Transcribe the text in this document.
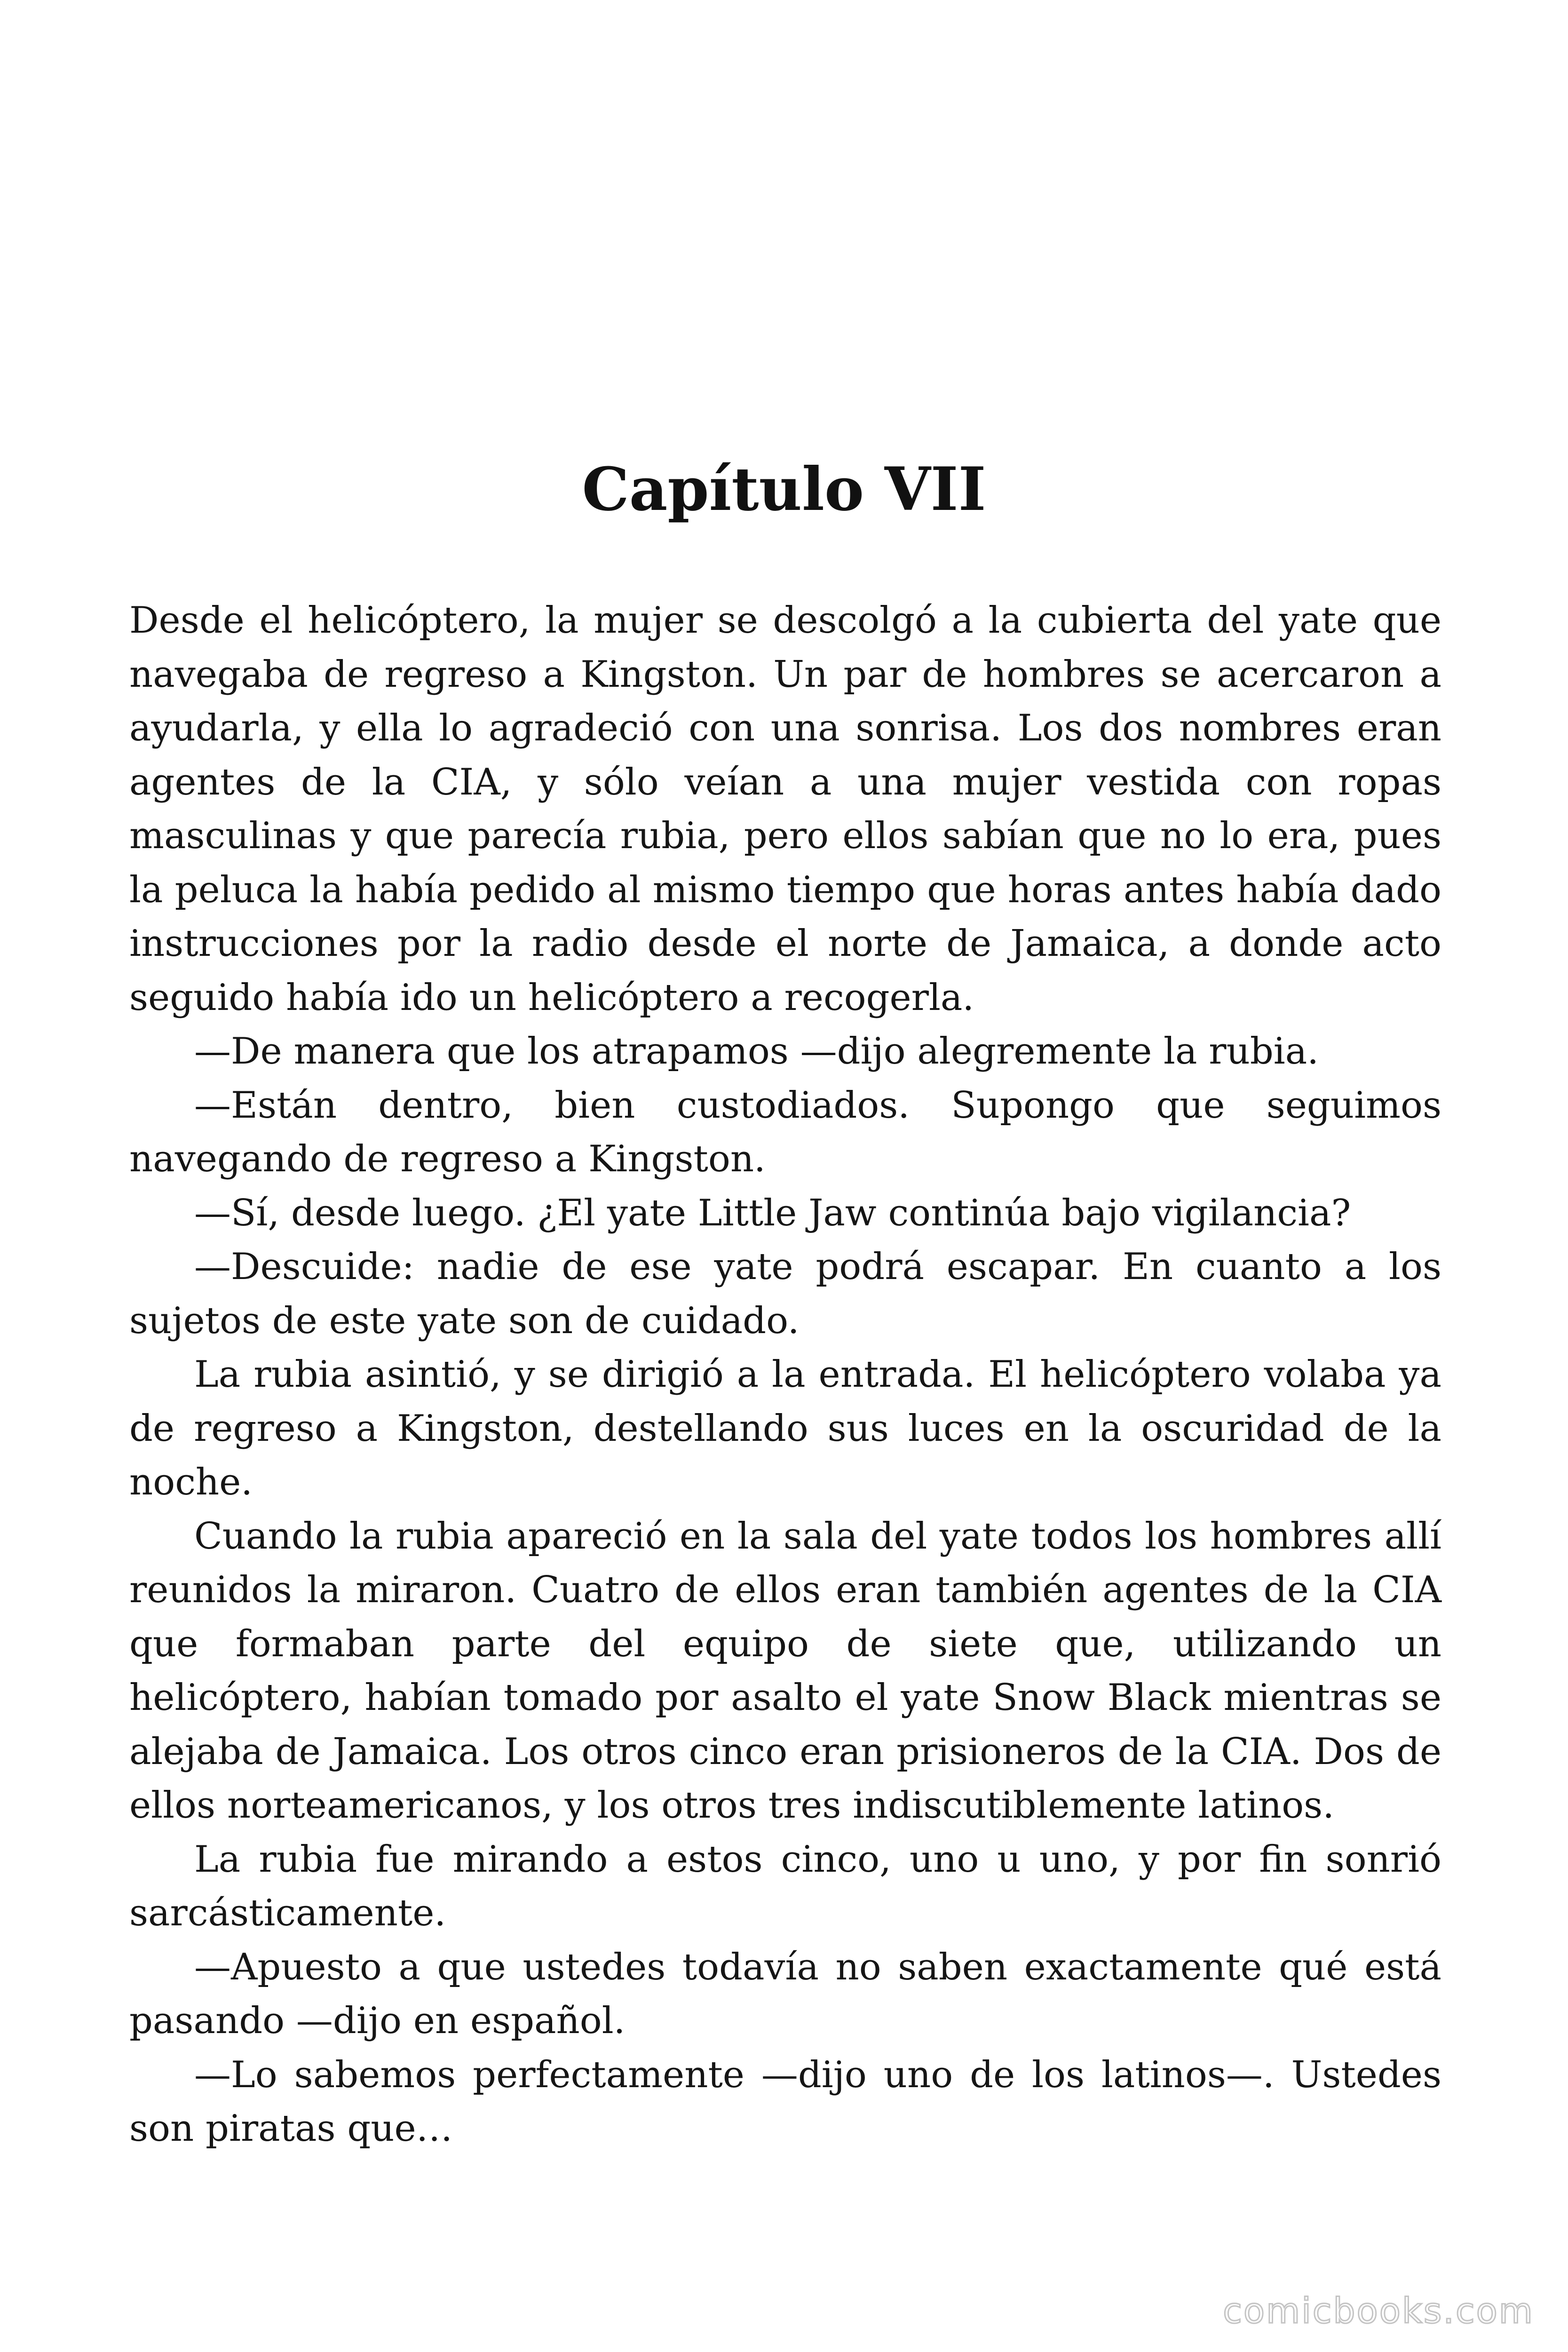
Capítulo VII

Desde el helicóptero, la mujer se descolgó a la cubierta del yate que navegaba de regreso a Kingston. Un par de hombres se acercaron a ayudarla, y ella lo agradeció con una sonrisa. Los dos nombres eran agentes de la CIA, y sólo veían a una mujer vestida con ropas masculinas y que parecía rubia, pero ellos sabían que no lo era, pues la peluca la había pedido al mismo tiempo que horas antes había dado instrucciones por la radio desde el norte de Jamaica, a donde acto seguido había ido un helicóptero a recogerla.

—De manera que los atrapamos —dijo alegremente la rubia.

—Están dentro, bien custodiados. Supongo que seguimos navegando de regreso a Kingston.

—Sí, desde luego. ¿El yate Little Jaw continúa bajo vigilancia?

—Descuide: nadie de ese yate podrá escapar. En cuanto a los sujetos de este yate son de cuidado.

La rubia asintió, y se dirigió a la entrada. El helicóptero volaba ya de regreso a Kingston, destellando sus luces en la oscuridad de la noche.

Cuando la rubia apareció en la sala del yate todos los hombres allí reunidos la miraron. Cuatro de ellos eran también agentes de la CIA que formaban parte del equipo de siete que, utilizando un helicóptero, habían tomado por asalto el yate Snow Black mientras se alejaba de Jamaica. Los otros cinco eran prisioneros de la CIA. Dos de ellos norteamericanos, y los otros tres indiscutiblemente latinos.

La rubia fue mirando a estos cinco, uno u uno, y por fin sonrió sarcásticamente.

—Apuesto a que ustedes todavía no saben exactamente qué está pasando —dijo en español.

—Lo sabemos perfectamente —dijo uno de los latinos—. Ustedes son piratas que…

comicbooks.com
